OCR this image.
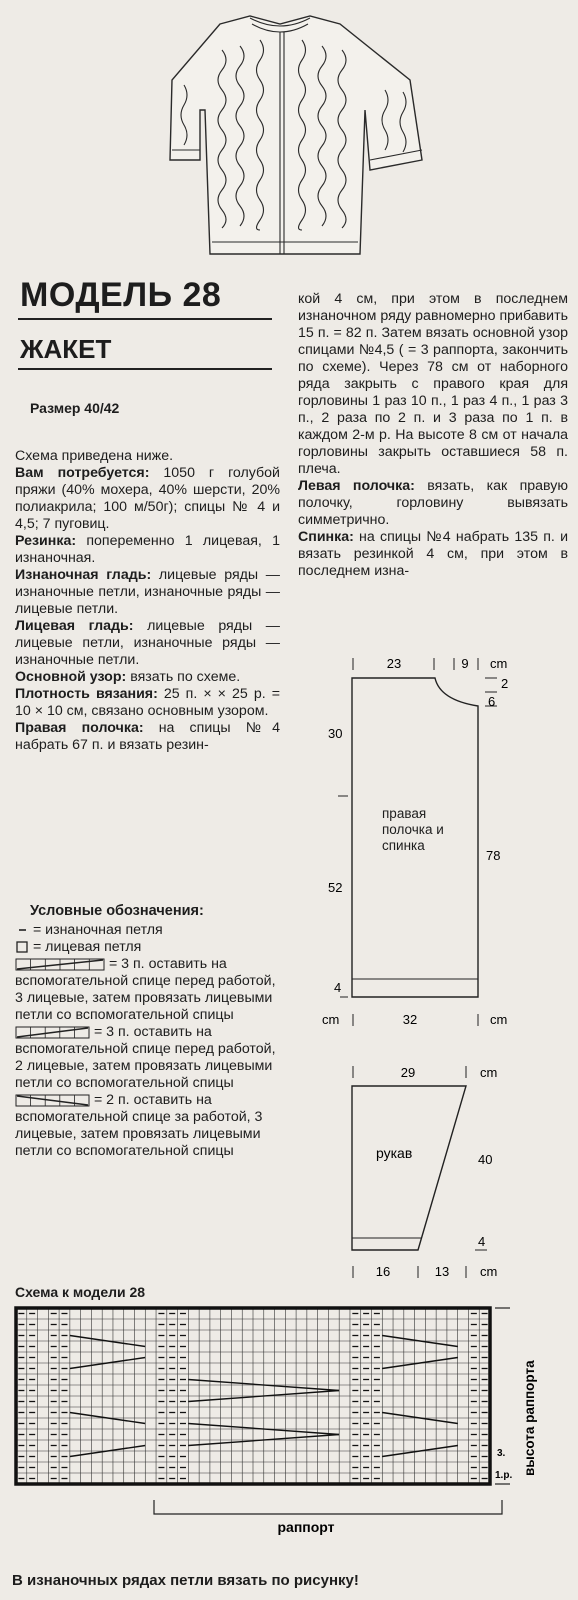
МОДЕЛЬ 28
ЖАКЕТ
Размер 40/42

Схема приведена ниже.

Вам потребуется: 1050 г голубой пряжи (40% мохера, 40% шерсти, 20% полиакрила; 100 м/50г); спицы № 4 и 4,5; 7 пуговиц.

Резинка: попеременно 1 лицевая, 1 изнаночная.

Изнаночная гладь: лицевые ряды — изнаночные петли, изнаночные ряды — лицевые петли.

Лицевая гладь: лицевые ряды — лицевые петли, изнаночные ряды — изнаночные петли.

Основной узор: вязать по схеме.

Плотность вязания: 25 п. × × 25 р. = 10 × 10 см, связано основным узором.

Правая полочка: на спицы №4 набрать 67 п. и вязать резин-

кой 4 см, при этом в последнем изнаночном ряду равномерно прибавить 15 п. = 82 п. Затем вязать основной узор спицами №4,5 ( = 3 раппорта, закончить по схеме). Через 78 см от наборного ряда закрыть с правого края для горловины 1 раз 10 п., 1 раз 4 п., 1 раз 3 п., 2 раза по 2 п. и 3 раза по 1 п. в каждом 2-м р. На высоте 8 см от начала горловины закрыть оставшиеся 58 п. плеча.

Левая полочка: вязать, как правую полочку, горловину вывязать симметрично.

Спинка: на спицы №4 набрать 135 п. и вязать резинкой 4 см, при этом в последнем изна-

Условные обозначения:

= изнаночная петля

= лицевая петля

= 3 п. оставить на вспомогательной спице перед работой, 3 лицевые, затем провязать лицевыми петли со вспомогательной спицы

= 3 п. оставить на вспомогательной спице перед работой, 2 лицевые, затем провязать лицевыми петли со вспомогательной спицы

= 2 п. оставить на вспомогательной спице за работой, 3 лицевые, затем провязать лицевыми петли со вспомогательной спицы

23	9 cm
2
6
30
52
4
cm
78
32	cm
правая полочка и спинка
29	cm
рукав	40
4
16	13 cm
Схема к модели 28
3.
1.р.
раппорт
высота раппорта
В изнаночных рядах петли вязать по рисунку!
